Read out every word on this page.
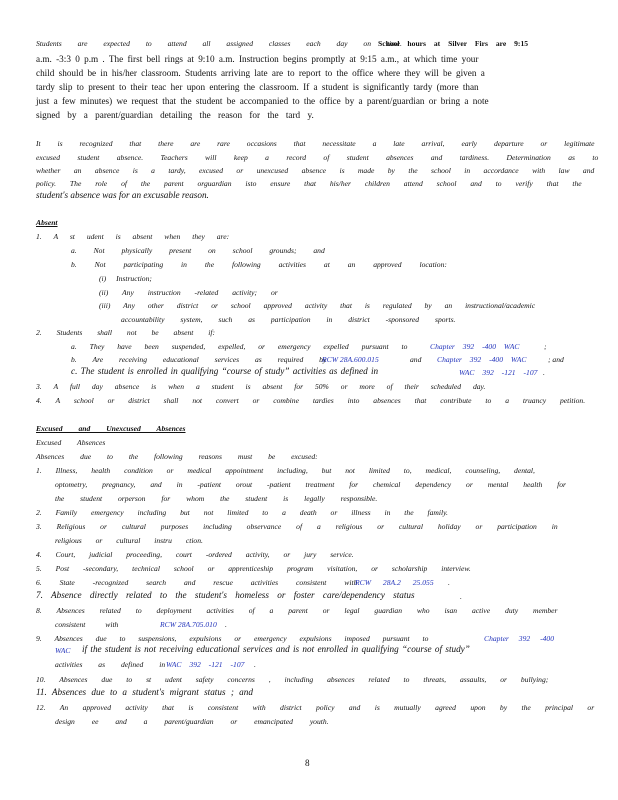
Students are expected to attend all assigned classes each day on time.
School hours at Silver Firs are 9:15
a.m. -3:3 0 p.m . The first bell rings at 9:10 a.m. Instruction begins promptly at 9:15 a.m., at which time your
child should be in his/her classroom. Students arriving late are to report to the office where they will be given a
tardy slip to present to their teac her upon entering the classroom. If a student is significantly tardy (more than
just a few minutes) we request that the student be accompanied to the office by a parent/guardian or bring a note
signed by a parent/guardian detailing the reason for the tard y.
It is recognized that there are rare occasions that necessitate a late arrival, early departure or legitimate
excused student absence. Teachers will keep a record of student absences and tardiness. Determination as to
whether an absence is a tardy, excused or unexcused absence is made by the school in accordance with law and
policy. The role of the parent orguardian isto ensure that his/her children attend school and to verify that the
student's absence was for an excusable reason.
Absent
1. A st udent is absent when they are:
a. Not physically present on school grounds; and
b. Not participating in the following activities at an approved location:
(i) Instruction;
(ii) Any instruction -related activity; or
(iii) Any other district or school approved activity that is regulated by an instructional/academic
accountability system, such as participation in district -sponsored sports.
2. Students shall not be absent if:
a. They have been suspended, expelled, or emergency expelled pursuant to	Chapter 392 -400 WAC	;
b. Are receiving educational services as required by
RCW 28A.600.015	and Chapter 392 -400 WAC	; and
c. The student is enrolled in qualifying “course of study” activities as defined in	WAC 392 -121 -107 .
3. A full day absence is when a student is absent for 50% or more of their scheduled day.
4. A school or district shall not convert or combine tardies into absences that contribute to a truancy petition.
Excused and Unexcused Absences
Excused Absences
Absences due to the following reasons must be excused:
1. Illness, health condition or medical appointment including, but not limited to, medical, counseling, dental,
optometry, pregnancy, and in -patient orout -patient treatment for chemical dependency or mental health for
the student orperson for whom the student is legally responsible.
2. Family emergency including but not limited to a death or illness in the family.
3. Religious or cultural purposes including observance of a religious or cultural holiday or participation in
religious or cultural instru ction.
4. Court, judicial proceeding, court -ordered activity, or jury service.
5. Post -secondary, technical school or apprenticeship program visitation, or scholarship interview.
6. State -recognized search and rescue activities consistent with
RCW 28A.2 25.055 .
7. Absence directly related to the student's homeless or foster care/dependency status	.
8. Absences related to deployment activities of a parent or legal guardian who isan active duty member
consistent with	RCW 28A.705.010 .
9. Absences due to suspensions, expulsions or emergency expulsions imposed pursuant to	Chapter 392 -400
WAC if the student is not receiving educational services and is not enrolled in qualifying “course of study”
activities as defined in WAC 392 -121 -107 .
10. Absences due to st udent safety concerns , including absences related to threats, assaults, or bullying;
11. Absences due to a student's migrant status ; and
12. An approved activity that is consistent with district policy and is mutually agreed upon by the principal or
design ee and a parent/guardian or emancipated youth.
8
